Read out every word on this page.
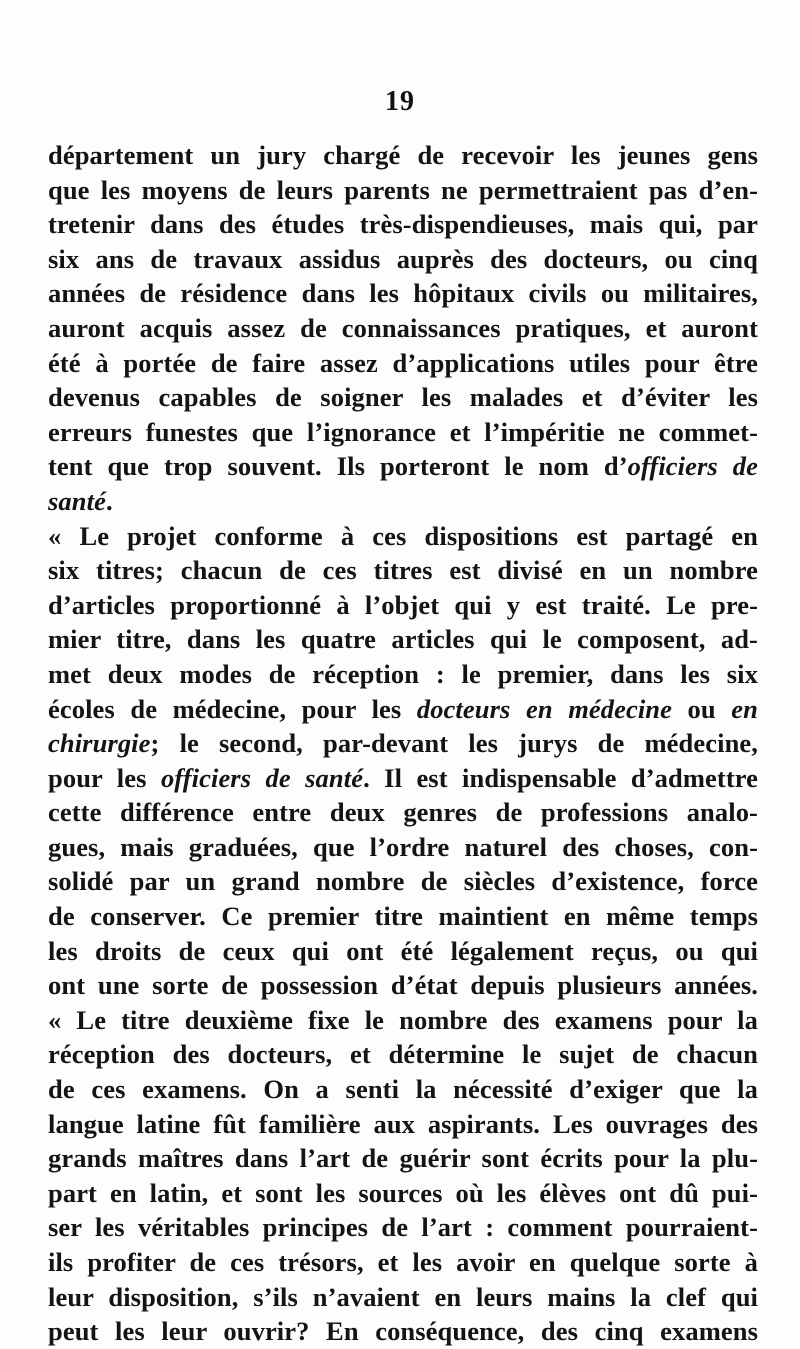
19
département un jury chargé de recevoir les jeunes gens
que les moyens de leurs parents ne permettraient pas d’en-
tretenir dans des études très-dispendieuses, mais qui, par
six ans de travaux assidus auprès des docteurs, ou cinq
années de résidence dans les hôpitaux civils ou militaires,
auront acquis assez de connaissances pratiques, et auront
été à portée de faire assez d’applications utiles pour être
devenus capables de soigner les malades et d’éviter les
erreurs funestes que l’ignorance et l’impéritie ne commet-
tent que trop souvent. Ils porteront le nom d’officiers de
santé.
« Le projet conforme à ces dispositions est partagé en
six titres; chacun de ces titres est divisé en un nombre
d’articles proportionné à l’objet qui y est traité. Le pre-
mier titre, dans les quatre articles qui le composent, ad-
met deux modes de réception : le premier, dans les six
écoles de médecine, pour les docteurs en médecine ou en
chirurgie; le second, par-devant les jurys de médecine,
pour les officiers de santé. Il est indispensable d’admettre
cette différence entre deux genres de professions analo-
gues, mais graduées, que l’ordre naturel des choses, con-
solidé par un grand nombre de siècles d’existence, force
de conserver. Ce premier titre maintient en même temps
les droits de ceux qui ont été légalement reçus, ou qui
ont une sorte de possession d’état depuis plusieurs années.
« Le titre deuxième fixe le nombre des examens pour la
réception des docteurs, et détermine le sujet de chacun
de ces examens. On a senti la nécessité d’exiger que la
langue latine fût familière aux aspirants. Les ouvrages des
grands maîtres dans l’art de guérir sont écrits pour la plu-
part en latin, et sont les sources où les élèves ont dû pui-
ser les véritables principes de l’art : comment pourraient-
ils profiter de ces trésors, et les avoir en quelque sorte à
leur disposition, s’ils n’avaient en leurs mains la clef qui
peut les leur ouvrir? En conséquence, des cinq examens
